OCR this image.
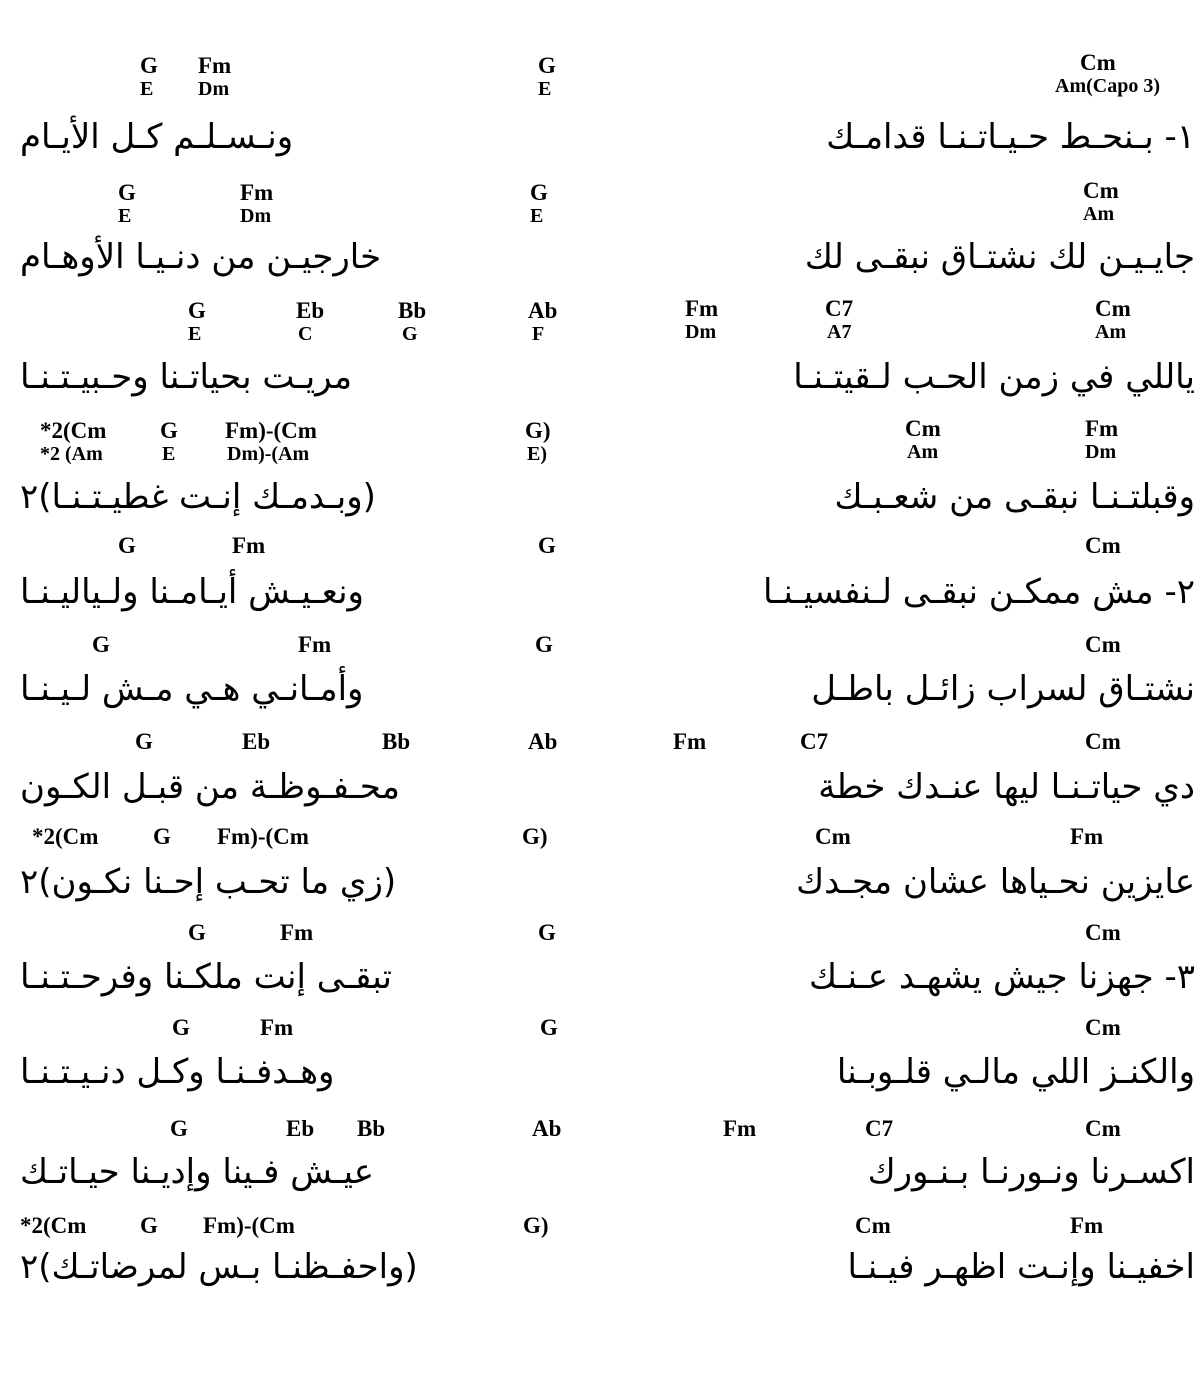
Cm
Am(Capo 3)
١- بـنحـط حـيـاتـنـا قدامـك
Cm
Am
جايـيـن لك نشتـاق نبقـى لك
Fm	C7	Cm
Dm	A7	Am
ياللي في زمن الحـب لـقيتـنـا
Cm	Fm
Am	Dm
وقبلتـنـا نبقـى من شعـبـك
Cm
٢- مش ممكـن نبقـى لـنفسيـنـا
Cm
نشتـاق لسراب زائـل باطـل
Fm	C7	Cm
دي حياتـنـا ليها عنـدك خطة
Cm	Fm
عايزين نحـياها عشان مجـدك
Cm
٣- جهزنا جيش يشهـد عـنـك
Cm
والكنـز اللي مالـي قلـوبـنا
Fm	C7	Cm
اكسـرنا ونـورنـا بـنـورك
Cm	Fm
اخفيـنا وإنـت اظهـر فيـنـا
G Fm	G
E Dm	E
ونـسـلـم كـل الأيـام
G	Fm	G
E	Dm	E
خارجيـن من دنـيـا الأوهـام
G	Eb	Bb	Ab
E	C	G	F
مريـت بحياتـنا وحـبيـتـنـا
*2(Cm G Fm)-(Cm	G)
*2 (Am	E	Dm)-(Am	E)
(وبـدمـك إنـت غطيـتـنـا)٢
G	Fm	G
ونعـيـش أيـامـنا ولـياليـنـا
G	Fm	G
وأمـانـي هـي مـش لـيـنـا
G	Eb	Bb	Ab
محـفـوظـة من قبـل الكـون
*2(Cm G Fm)-(Cm	G)
(زي ما تحـب إحـنا نكـون)٢
G	Fm	G
تبقـى إنت ملكـنا وفرحـتـنـا
G	Fm	G
وهـدفـنـا وكـل دنـيـتـنـا
G	Eb Bb	Ab
عيـش فـينا وإديـنا حيـاتـك
*2(Cm G Fm)-(Cm	G)
(واحفـظنـا بـس لمرضاتـك)٢
